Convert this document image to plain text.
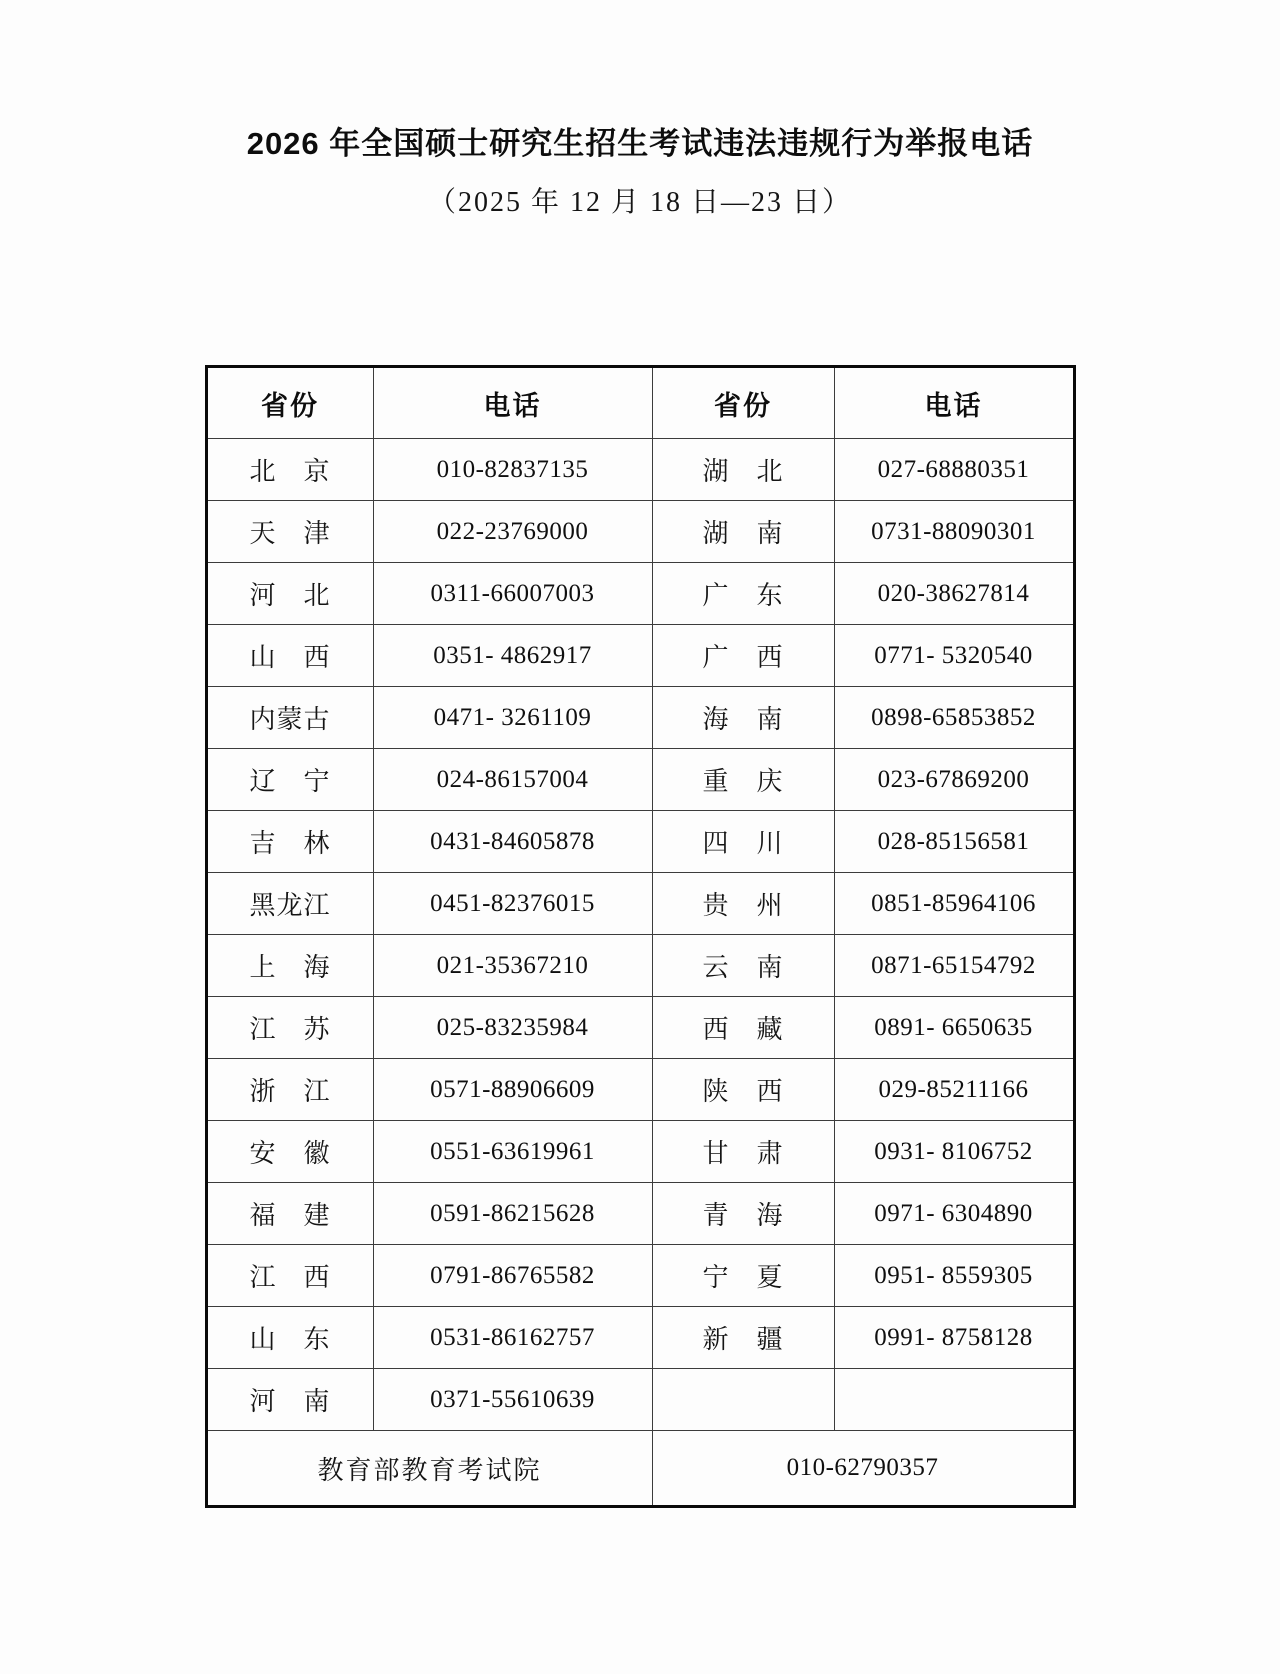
2026 年全国硕士研究生招生考试违法违规行为举报电话

（2025 年 12 月 18 日—23 日）

省份	电话	省份	电话
北　京	010-82837135	湖　北	027-68880351
天　津	022-23769000	湖　南	0731-88090301
河　北	0311-66007003	广　东	020-38627814
山　西	0351- 4862917	广　西	0771- 5320540
内蒙古	0471- 3261109	海　南	0898-65853852
辽　宁	024-86157004	重　庆	023-67869200
吉　林	0431-84605878	四　川	028-85156581
黑龙江	0451-82376015	贵　州	0851-85964106
上　海	021-35367210	云　南	0871-65154792
江　苏	025-83235984	西　藏	0891- 6650635
浙　江	0571-88906609	陕　西	029-85211166
安　徽	0551-63619961	甘　肃	0931- 8106752
福　建	0591-86215628	青　海	0971- 6304890
江　西	0791-86765582	宁　夏	0951- 8559305
山　东	0531-86162757	新　疆	0991- 8758128
河　南	0371-55610639		
教育部教育考试院		010-62790357	
